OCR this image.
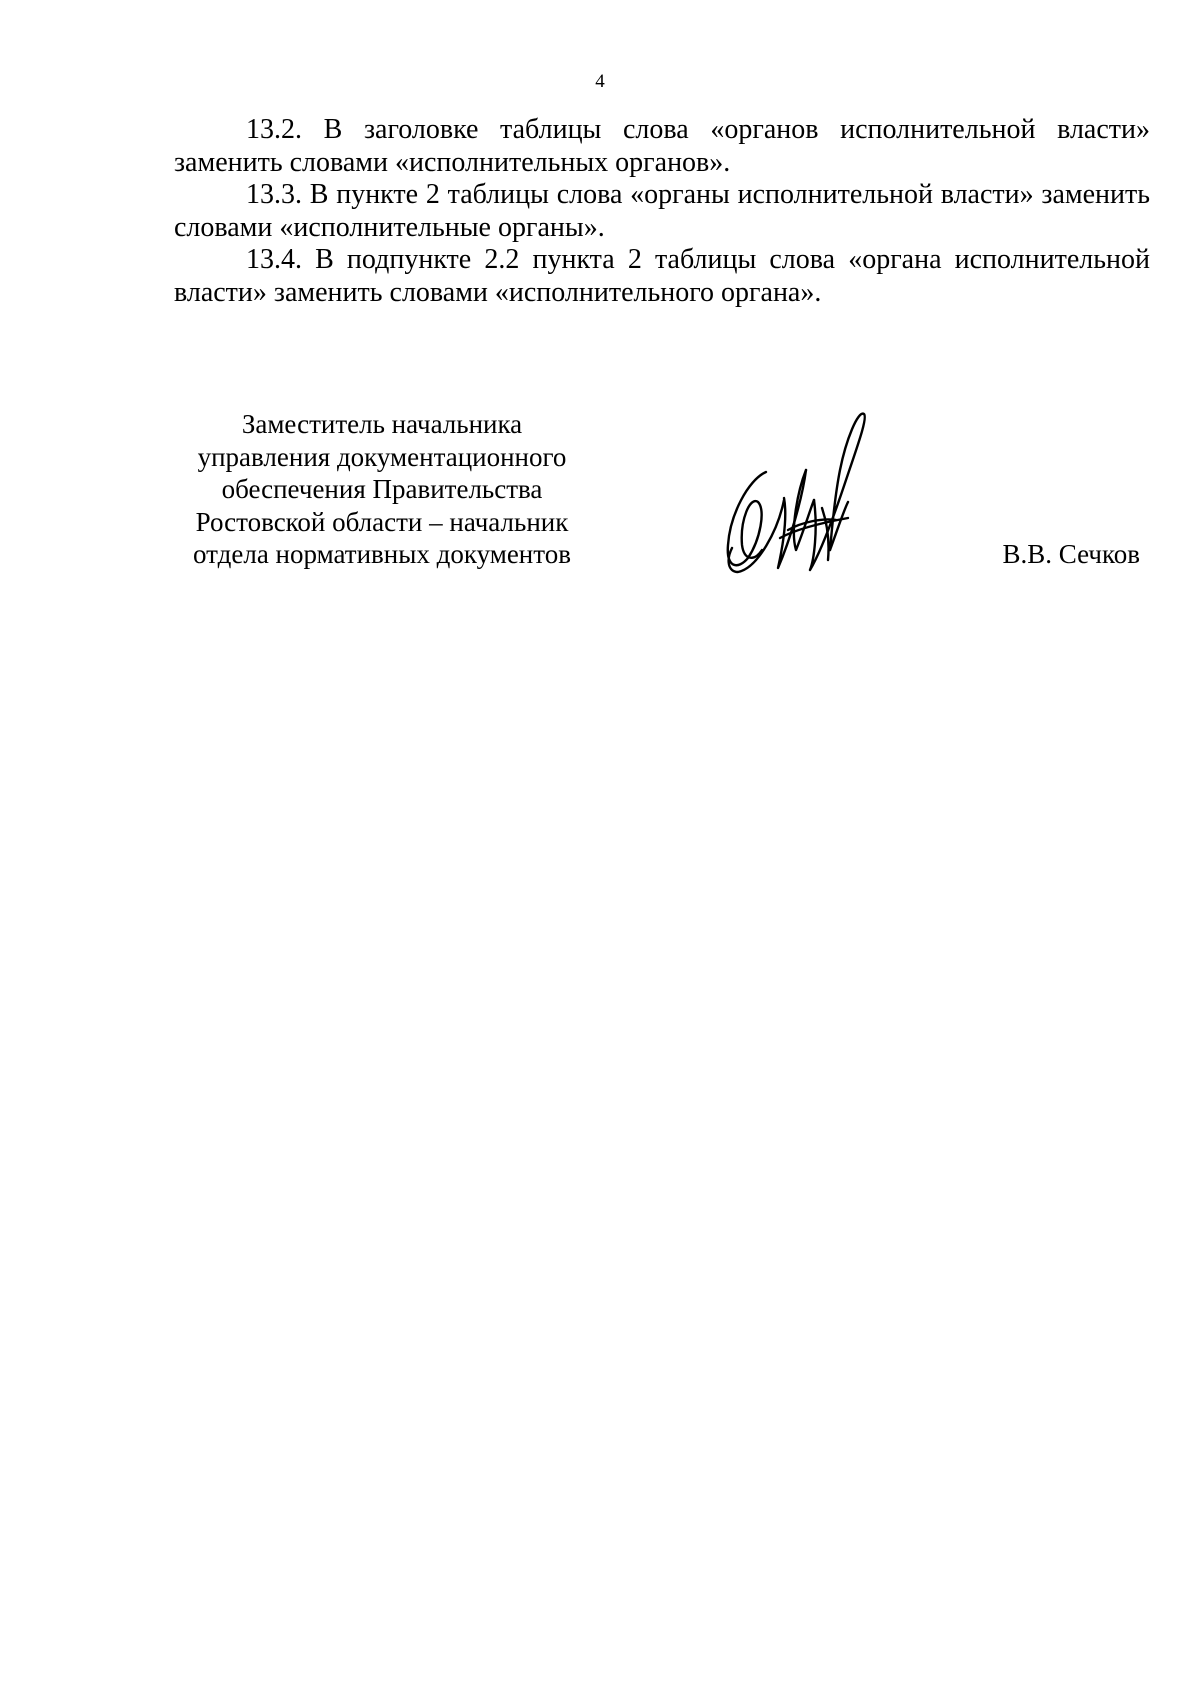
4

13.2. В заголовке таблицы слова «органов исполнительной власти» заменить словами «исполнительных органов».

13.3. В пункте 2 таблицы слова «органы исполнительной власти» заменить словами «исполнительные органы».

13.4. В подпункте 2.2 пункта 2 таблицы слова «органа исполнительной власти» заменить словами «исполнительного органа».

Заместитель начальника
управления документационного
обеспечения Правительства
Ростовской области – начальник
отдела нормативных документов	В.В. Сечков
